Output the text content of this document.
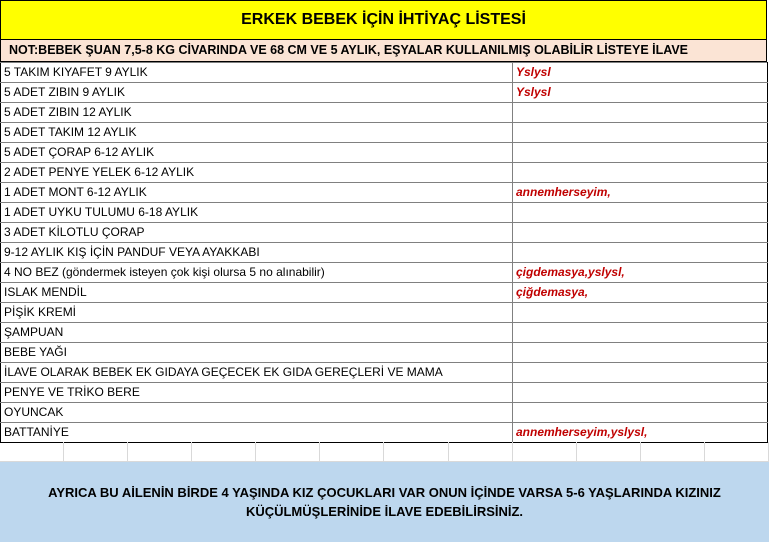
ERKEK BEBEK İÇİN İHTİYAÇ LİSTESİ
NOT:BEBEK ŞUAN 7,5-8 KG CİVARINDA VE 68 CM VE 5 AYLIK, EŞYALAR KULLANILMIŞ OLABİLİR LİSTEYE İLAVE
5 TAKIM KIYAFET 9 AYLIK	Yslysl
5 ADET ZIBIN 9 AYLIK	Yslysl
5 ADET ZIBIN 12 AYLIK	
5 ADET TAKIM 12 AYLIK	
5 ADET ÇORAP 6-12 AYLIK	
2 ADET PENYE YELEK 6-12 AYLIK	
1 ADET MONT 6-12 AYLIK	annemherseyim,
1 ADET UYKU TULUMU 6-18 AYLIK	
3 ADET KİLOTLU ÇORAP	
9-12 AYLIK KIŞ İÇİN PANDUF VEYA AYAKKABI	
4 NO BEZ (göndermek isteyen çok kişi olursa 5 no alınabilir)	çigdemasya,yslysl,
ISLAK MENDİL	çiğdemasya,
PİŞİK KREMİ	
ŞAMPUAN	
BEBE YAĞI	
İLAVE OLARAK BEBEK EK GIDAYA GEÇECEK EK GIDA GEREÇLERİ VE MAMA	
PENYE VE TRİKO BERE	
OYUNCAK	
BATTANİYE	annemherseyim,yslysl,
AYRICA BU AİLENİN BİRDE 4 YAŞINDA KIZ ÇOCUKLARI VAR ONUN İÇİNDE VARSA 5-6 YAŞLARINDA KIZINIZ KÜÇÜLMÜŞLERİNİDE İLAVE EDEBİLİRSİNİZ.
